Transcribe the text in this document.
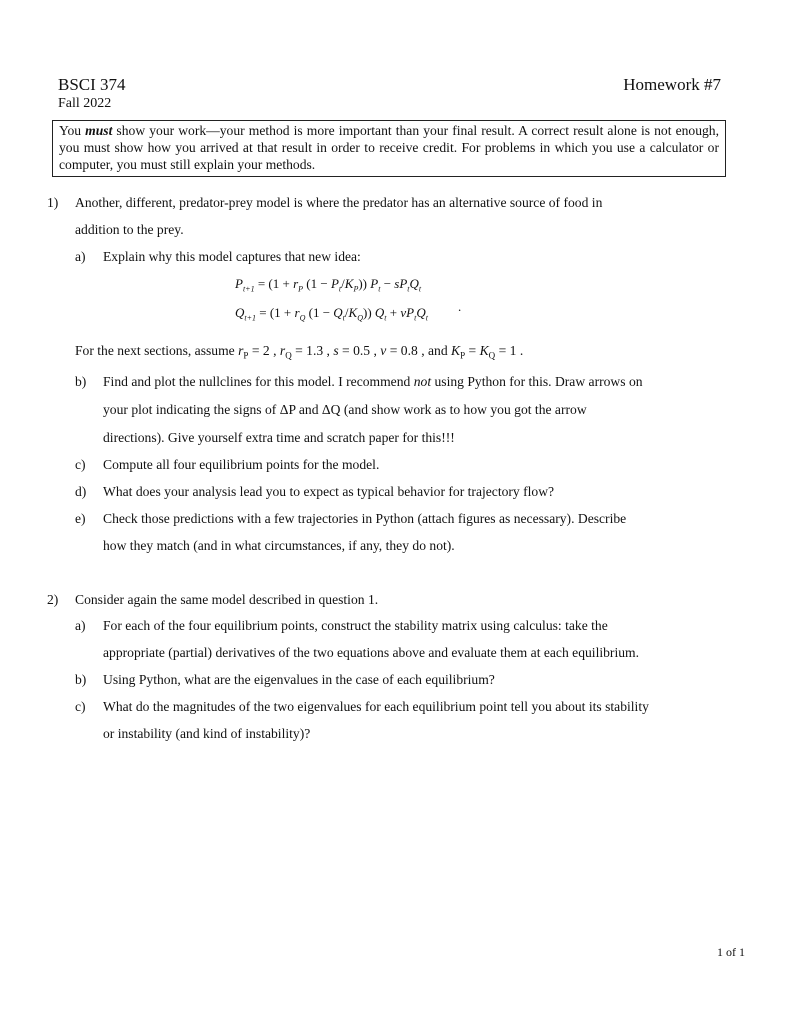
BSCI 374
Fall 2022
Homework #7
You must show your work—your method is more important than your final result. A correct result alone is not enough, you must show how you arrived at that result in order to receive credit. For problems in which you use a calculator or computer, you must still explain your methods.
1) Another, different, predator-prey model is where the predator has an alternative source of food in
addition to the prey.
a) Explain why this model captures that new idea:
$P_{t+1} = (1 + r_P$ $(1 - P_t/K_P)$) $P_t - sP_tQ_t$
$Q_{t+1} = (1 + r_Q$ $(1 - Q_t/K_Q)$) $Q_t + vP_tQ_t$
.
For the next sections, assume $r_P = 2$ , $r_Q = 1.3$ , s = 0.5 , v = 0.8 , and $K_P = K_Q = 1$ .
b) Find and plot the nullclines for this model. I recommend not using Python for this. Draw arrows on
your plot indicating the signs of ΔP and ΔQ (and show work as to how you got the arrow
directions). Give yourself extra time and scratch paper for this!!!
c) Compute all four equilibrium points for the model.
d) What does your analysis lead you to expect as typical behavior for trajectory flow?
e) Check those predictions with a few trajectories in Python (attach figures as necessary). Describe
how they match (and in what circumstances, if any, they do not).
2) Consider again the same model described in question 1.
a) For each of the four equilibrium points, construct the stability matrix using calculus: take the
appropriate (partial) derivatives of the two equations above and evaluate them at each equilibrium.
b) Using Python, what are the eigenvalues in the case of each equilibrium?
c) What do the magnitudes of the two eigenvalues for each equilibrium point tell you about its stability
or instability (and kind of instability)?
1 of 1
